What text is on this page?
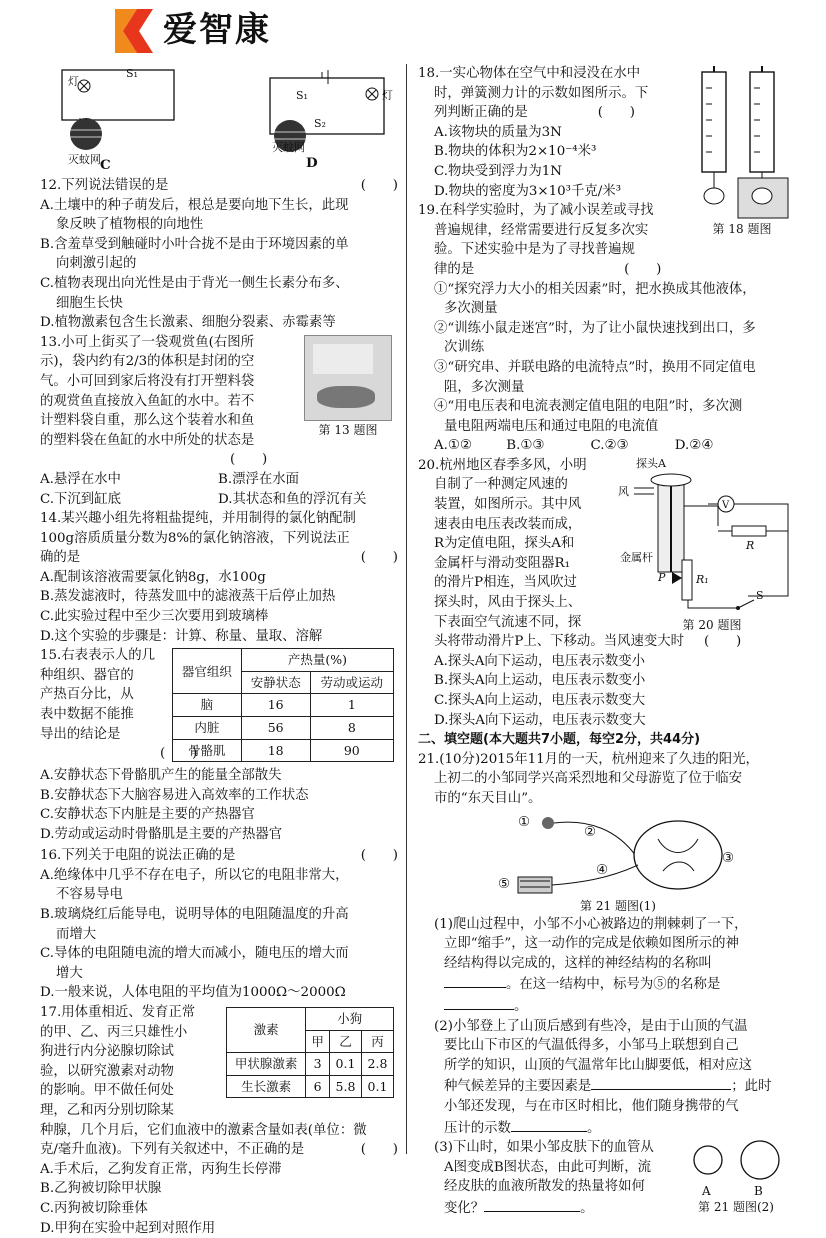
爱智康
灯
S₁
灭蚊网 C
灯
S₁
S₂
灭蚊网
D
12.下列说法错误的是	(　　)
A.土壤中的种子萌发后，根总是要向地下生长，此现
象反映了植物根的向地性
B.含羞草受到触碰时小叶合拢不是由于环境因素的单
向刺激引起的
C.植物表现出向光性是由于背光一侧生长素分布多、
细胞生长快
D.植物激素包含生长激素、细胞分裂素、赤霉素等
第 13 题图
13.小可上街买了一袋观赏鱼(右图所
示)，袋内约有2/3的体积是封闭的空
气。小可回到家后将没有打开塑料袋
的观赏鱼直接放入鱼缸的水中。若不
计塑料袋自重，那么这个装着水和鱼
的塑料袋在鱼缸的水中所处的状态是
(　　)
A.悬浮在水中	B.漂浮在水面
C.下沉到缸底	D.其状态和鱼的浮沉有关
14.某兴趣小组先将粗盐提纯，并用制得的氯化钠配制
100g溶质质量分数为8%的氯化钠溶液，下列说法正
确的是	(　　)
A.配制该溶液需要氯化钠8g，水100g
B.蒸发滤液时，待蒸发皿中的滤液蒸干后停止加热
C.此实验过程中至少三次要用到玻璃棒
D.这个实验的步骤是：计算、称量、量取、溶解
15.右表表示人的几
种组织、器官的
产热百分比，从
表中数据不能推
导出的结论是
(　　)
器官组织	产热量(%)	
	安静状态	劳动或运动
脑	16	1
内脏	56	8
骨骼肌	18	90
A.安静状态下骨骼肌产生的能量全部散失
B.安静状态下大脑容易进入高效率的工作状态
C.安静状态下内脏是主要的产热器官
D.劳动或运动时骨骼肌是主要的产热器官
16.下列关于电阻的说法正确的是	(　　)
A.绝缘体中几乎不存在电子，所以它的电阻非常大，
不容易导电
B.玻璃烧红后能导电，说明导体的电阻随温度的升高
而增大
C.导体的电阻随电流的增大而减小，随电压的增大而
增大
D.一般来说，人体电阻的平均值为1000Ω～2000Ω
激素	小狗		
	甲	乙	丙
甲状腺激素	3	0.1	2.8
生长激素	6	5.8	0.1
17.用体重相近、发育正常
的甲、乙、丙三只雄性小
狗进行内分泌腺切除试
验，以研究激素对动物
的影响。甲不做任何处
理，乙和丙分别切除某
种腺，几个月后，它们血液中的激素含量如表(单位：微
克/毫升血液)。下列有关叙述中，不正确的是	(　　)
A.手术后，乙狗发育正常，丙狗生长停滞
B.乙狗被切除甲状腺
C.丙狗被切除垂体
D.甲狗在实验中起到对照作用
第 18 题图
18.一实心物体在空气中和浸没在水中
时，弹簧测力计的示数如图所示。下
列判断正确的是	(　　)
A.该物块的质量为3N
B.物块的体积为2×10⁻⁴米³
C.物块受到浮力为1N
D.物块的密度为3×10³千克/米³
19.在科学实验时，为了减小误差或寻找
普遍规律，经常需要进行反复多次实
验。下述实验中是为了寻找普遍规
律的是	(　　)
①“探究浮力大小的相关因素”时，把水换成其他液体，
多次测量
②“训练小鼠走迷宫”时，为了让小鼠快速找到出口，多
次训练
③“研究串、并联电路的电流特点”时，换用不同定值电
阻，多次测量
④“用电压表和电流表测定值电阻的电阻”时，多次测
量电阻两端电压和通过电阻的电流值
A.①②	B.①③	C.②③	D.②④
探头A
风
V
R
金属杆
P	R₁
S
第 20 题图
20.杭州地区春季多风，小明
自制了一种测定风速的
装置，如图所示。其中风
速表由电压表改装而成，
R为定值电阻，探头A和
金属杆与滑动变阻器R₁
的滑片P相连，当风吹过
探头时，风由于探头上、
下表面空气流速不同，探
头将带动滑片P上、下移动。当风速变大时 (　　)
A.探头A向下运动，电压表示数变小
B.探头A向上运动，电压表示数变小
C.探头A向上运动，电压表示数变大
D.探头A向下运动，电压表示数变大
二、填空题(本大题共7小题，每空2分，共44分)
21.(10分)2015年11月的一天，杭州迎来了久违的阳光，
上初二的小邹同学兴高采烈地和父母游览了位于临安
市的“东天目山”。
①
②
③
④
⑤
第 21 题图(1)
(1)爬山过程中，小邹不小心被路边的荆棘刺了一下，
立即“缩手”，这一动作的完成是依赖如图所示的神
经结构得以完成的，这样的神经结构的名称叫
。在这一结构中，标号为⑤的名称是
。
(2)小邹登上了山顶后感到有些冷，是由于山顶的气温
要比山下市区的气温低得多，小邹马上联想到自己
所学的知识，山顶的气温常年比山脚要低，相对应这
种气候差异的主要因素是	；此时
小邹还发现，与在市区时相比，他们随身携带的气
压计的示数	。
A	B
第 21 题图(2)
(3)下山时，如果小邹皮肤下的血管从
A图变成B图状态，由此可判断，流
经皮肤的血液所散发的热量将如何
变化？	。
